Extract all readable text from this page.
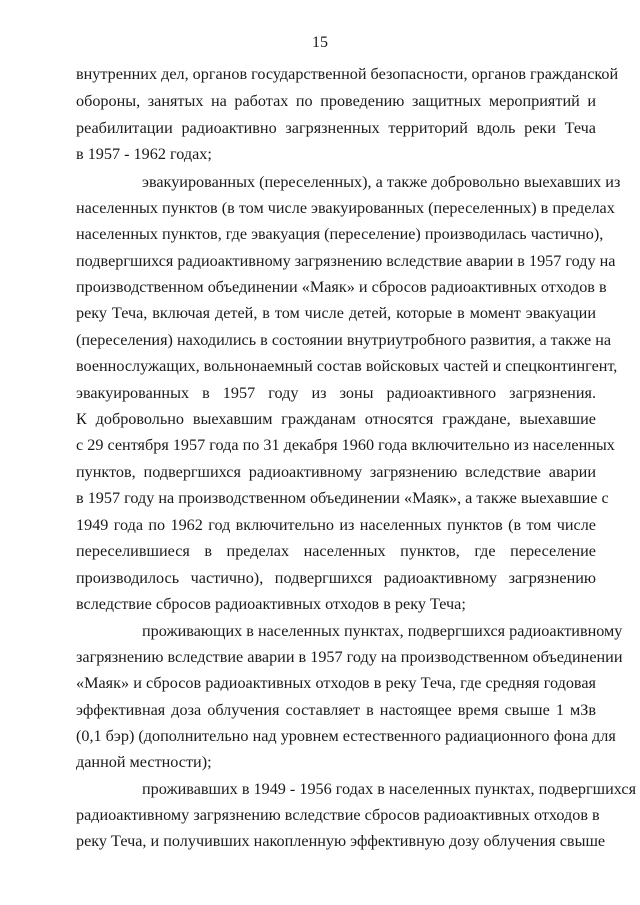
15
внутренних дел, органов государственной безопасности, органов гражданской
обороны, занятых на работах по проведению защитных мероприятий и
реабилитации радиоактивно загрязненных территорий вдоль реки Теча
в 1957 - 1962 годах;
эвакуированных (переселенных), а также добровольно выехавших из
населенных пунктов (в том числе эвакуированных (переселенных) в пределах
населенных пунктов, где эвакуация (переселение) производилась частично),
подвергшихся радиоактивному загрязнению вследствие аварии в 1957 году на
производственном объединении «Маяк» и сбросов радиоактивных отходов в
реку Теча, включая детей, в том числе детей, которые в момент эвакуации
(переселения) находились в состоянии внутриутробного развития, а также на
военнослужащих, вольнонаемный состав войсковых частей и спецконтингент,
эвакуированных в 1957 году из зоны радиоактивного загрязнения.
К добровольно выехавшим гражданам относятся граждане, выехавшие
с 29 сентября 1957 года по 31 декабря 1960 года включительно из населенных
пунктов, подвергшихся радиоактивному загрязнению вследствие аварии
в 1957 году на производственном объединении «Маяк», а также выехавшие с
1949 года по 1962 год включительно из населенных пунктов (в том числе
переселившиеся в пределах населенных пунктов, где переселение
производилось частично), подвергшихся радиоактивному загрязнению
вследствие сбросов радиоактивных отходов в реку Теча;
проживающих в населенных пунктах, подвергшихся радиоактивному
загрязнению вследствие аварии в 1957 году на производственном объединении
«Маяк» и сбросов радиоактивных отходов в реку Теча, где средняя годовая
эффективная доза облучения составляет в настоящее время свыше 1 мЗв
(0,1 бэр) (дополнительно над уровнем естественного радиационного фона для
данной местности);
проживавших в 1949 - 1956 годах в населенных пунктах, подвергшихся
радиоактивному загрязнению вследствие сбросов радиоактивных отходов в
реку Теча, и получивших накопленную эффективную дозу облучения свыше
